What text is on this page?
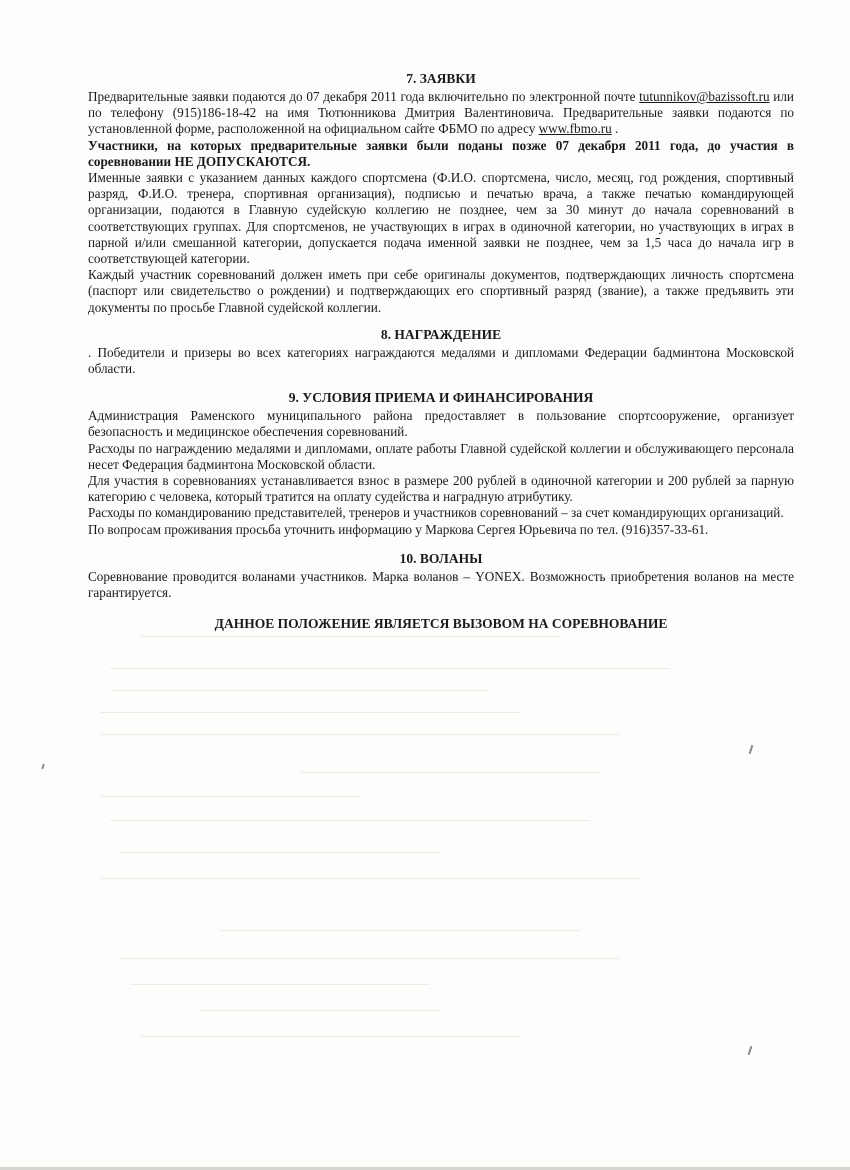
7. ЗАЯВКИ

Предварительные заявки подаются до 07 декабря 2011 года включительно по электронной почте tutunnikov@bazissoft.ru или по телефону (915)186-18-42 на имя Тютюнникова Дмитрия Валентиновича. Предварительные заявки подаются по установленной форме, расположенной на официальном сайте ФБМО по адресу www.fbmo.ru .

Участники, на которых предварительные заявки были поданы позже 07 декабря 2011 года, до участия в соревновании НЕ ДОПУСКАЮТСЯ.

Именные заявки с указанием данных каждого спортсмена (Ф.И.О. спортсмена, число, месяц, год рождения, спортивный разряд, Ф.И.О. тренера, спортивная организация), подписью и печатью врача, а также печатью командирующей организации, подаются в Главную судейскую коллегию не позднее, чем за 30 минут до начала соревнований в соответствующих группах. Для спортсменов, не участвующих в играх в одиночной категории, но участвующих в играх в парной и/или смешанной категории, допускается подача именной заявки не позднее, чем за 1,5 часа до начала игр в соответствующей категории.

Каждый участник соревнований должен иметь при себе оригиналы документов, подтверждающих личность спортсмена (паспорт или свидетельство о рождении) и подтверждающих его спортивный разряд (звание), а также предъявить эти документы по просьбе Главной судейской коллегии.

8. НАГРАЖДЕНИЕ

. Победители и призеры во всех категориях награждаются медалями и дипломами Федерации бадминтона Московской области.

9. УСЛОВИЯ ПРИЕМА И ФИНАНСИРОВАНИЯ

Администрация Раменского муниципального района предоставляет в пользование спортсооружение, организует безопасность и медицинское обеспечения соревнований.

Расходы по награждению медалями и дипломами, оплате работы Главной судейской коллегии и обслуживающего персонала несет Федерация бадминтона Московской области.

Для участия в соревнованиях устанавливается взнос в размере 200 рублей в одиночной категории и 200 рублей за парную категорию с человека, который тратится на оплату судейства и наградную атрибутику.

Расходы по командированию представителей, тренеров и участников соревнований – за счет командирующих организаций.

По вопросам проживания просьба уточнить информацию у Маркова Сергея Юрьевича по тел. (916)357-33-61.

10. ВОЛАНЫ

Соревнование проводится воланами участников. Марка воланов – YONEX. Возможность приобретения воланов на месте гарантируется.

ДАННОЕ ПОЛОЖЕНИЕ ЯВЛЯЕТСЯ ВЫЗОВОМ НА СОРЕВНОВАНИЕ
